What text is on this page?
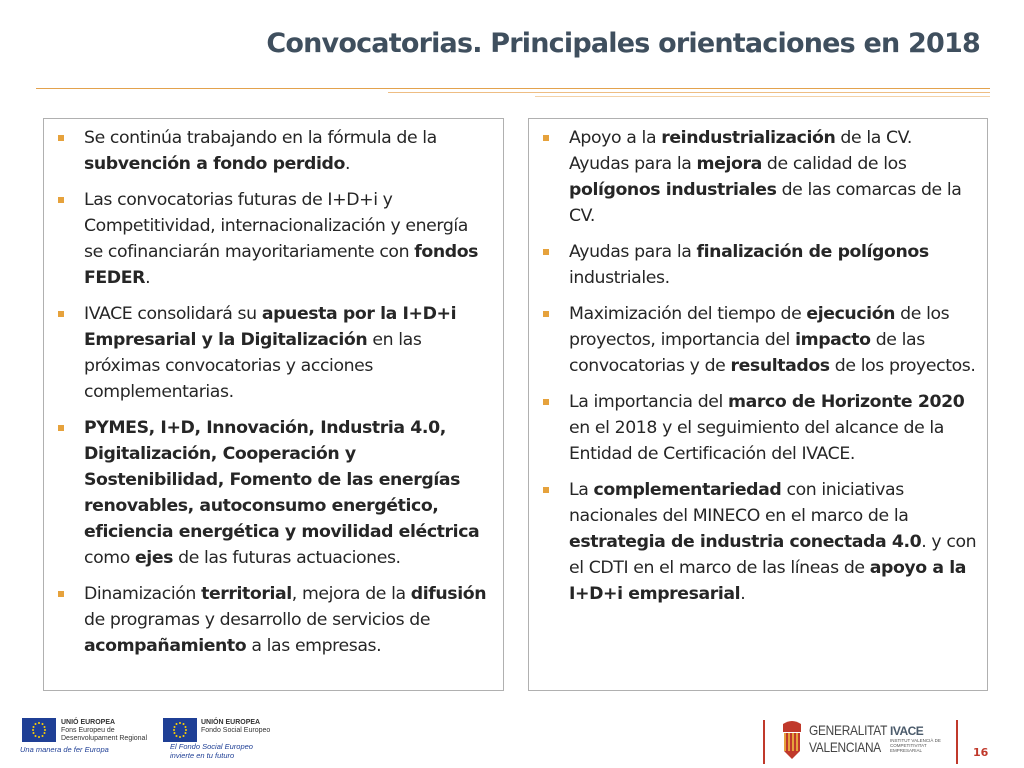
Convocatorias. Principales orientaciones en 2018
Se continúa trabajando en la fórmula de la subvención a fondo perdido.
Las convocatorias futuras de I+D+i y Competitividad, internacionalización y energía se cofinanciarán mayoritariamente con fondos FEDER.
IVACE consolidará su apuesta por la I+D+i Empresarial y la Digitalización en las próximas convocatorias y acciones complementarias.
PYMES, I+D, Innovación, Industria 4.0, Digitalización, Cooperación y Sostenibilidad, Fomento de las energías renovables, autoconsumo energético, eficiencia energética y movilidad eléctrica como ejes de las futuras actuaciones.
Dinamización territorial, mejora de la difusión de programas y desarrollo de servicios de acompañamiento a las empresas.
Apoyo a la reindustrialización de la CV. Ayudas para la mejora de calidad de los polígonos industriales de las comarcas de la CV.
Ayudas para la finalización de polígonos industriales.
Maximización del tiempo de ejecución de los proyectos, importancia del impacto de las convocatorias y de resultados de los proyectos.
La importancia del marco de Horizonte 2020 en el 2018 y el seguimiento del alcance de la Entidad de Certificación del IVACE.
La complementariedad con iniciativas nacionales del MINECO en el marco de la estrategia de industria conectada 4.0. y con el CDTI en el marco de las líneas de apoyo a la I+D+i empresarial.
UNIÓ EUROPEA
Fons Europeu de
Desenvolupament Regional
Una manera de fer Europa
UNIÓN EUROPEA
Fondo Social Europeo
El Fondo Social Europeo
invierte en tu futuro
GENERALITAT
VALENCIANA
IVACE
INSTITUT VALENCIÀ DE COMPETITIVITAT EMPRESARIAL	16
